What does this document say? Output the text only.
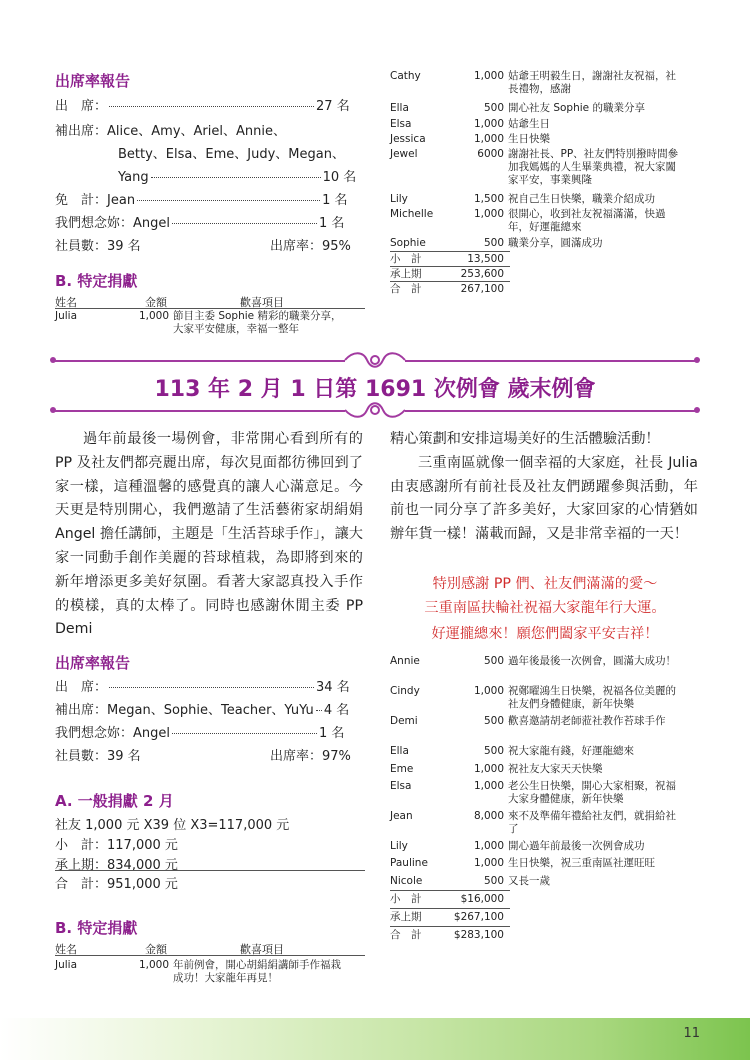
出席率報告
出　席：	27 名
補出席：Alice、Amy、Ariel、Annie、
Betty、Elsa、Eme、Judy、Megan、
Yang	10 名
免　計：Jean	1 名
我們想念妳：Angel	1 名
社員數：39 名	出席率：95%
B. 特定捐獻
姓名	金額	歡喜項目
Julia	1,000 節目主委 Sophie 精彩的職業分享，大家平安健康，幸福一整年
Cathy	1,000 姑爺王明毅生日，謝謝社友祝福，社長禮物，感謝
Ella	500 開心社友 Sophie 的職業分享
Elsa	1,000 姑爺生日
Jessica	1,000 生日快樂
Jewel	6000 謝謝社長、PP、社友們特別撥時間參加我媽媽的人生畢業典禮，祝大家闔家平安，事業興隆
Lily	1,500 祝自己生日快樂，職業介紹成功
Michelle	1,000 很開心，收到社友祝福滿滿，快過年，好運龍總來
Sophie	500 職業分享，圓滿成功
小　計	13,500
承上期	253,600
合　計	267,100
113 年 2 月 1 日第 1691 次例會 歲末例會
過年前最後一場例會，非常開心看到所有的 PP 及社友們都亮麗出席，每次見面都彷彿回到了家一樣，這種溫馨的感覺真的讓人心滿意足。今天更是特別開心，我們邀請了生活藝術家胡絹娟 Angel 擔任講師，主題是「生活苔球手作」，讓大家一同動手創作美麗的苔球植栽，為即將到來的新年增添更多美好氛圍。看著大家認真投入手作的模樣，真的太棒了。同時也感謝休閒主委 PP Demi

精心策劃和安排這場美好的生活體驗活動！

三重南區就像一個幸福的大家庭，社長 Julia 由衷感謝所有前社長及社友們踴躍參與活動，年前也一同分享了許多美好，大家回家的心情猶如辦年貨一樣！滿載而歸，又是非常幸福的一天！

特別感謝 PP 們、社友們滿滿的愛～
三重南區扶輪社祝福大家龍年行大運。
好運攏總來！願您們闔家平安吉祥！
出席率報告
出　席：	34 名
補出席：Megan、Sophie、Teacher、YuYu 4 名
我們想念妳：Angel	1 名
社員數：39 名	出席率：97%
A. 一般捐獻 2 月
社友 1,000 元 X39 位 X3=117,000 元
小　計：117,000 元
承上期：834,000 元
合　計：951,000 元
B. 特定捐獻
姓名	金額	歡喜項目
Julia	1,000 年前例會，開心胡絹絹講師手作福栽成功！大家龍年再見！
Annie	500 過年後最後一次例會，圓滿大成功！
Cindy	1,000 祝鄭曜鴻生日快樂，祝福各位美麗的社友們身體健康，新年快樂
Demi	500 歡喜邀請胡老師蒞社教作苔球手作
Ella	500 祝大家龍有錢，好運龍總來
Eme	1,000 祝社友大家天天快樂
Elsa	1,000 老公生日快樂，開心大家相聚，祝福大家身體健康，新年快樂
Jean	8,000 來不及準備年禮給社友們，就捐給社了
Lily	1,000 開心過年前最後一次例會成功
Pauline	1,000 生日快樂，祝三重南區社運旺旺
Nicole	500 又長一歲
小　計	$16,000
承上期	$267,100
合　計	$283,100
11
